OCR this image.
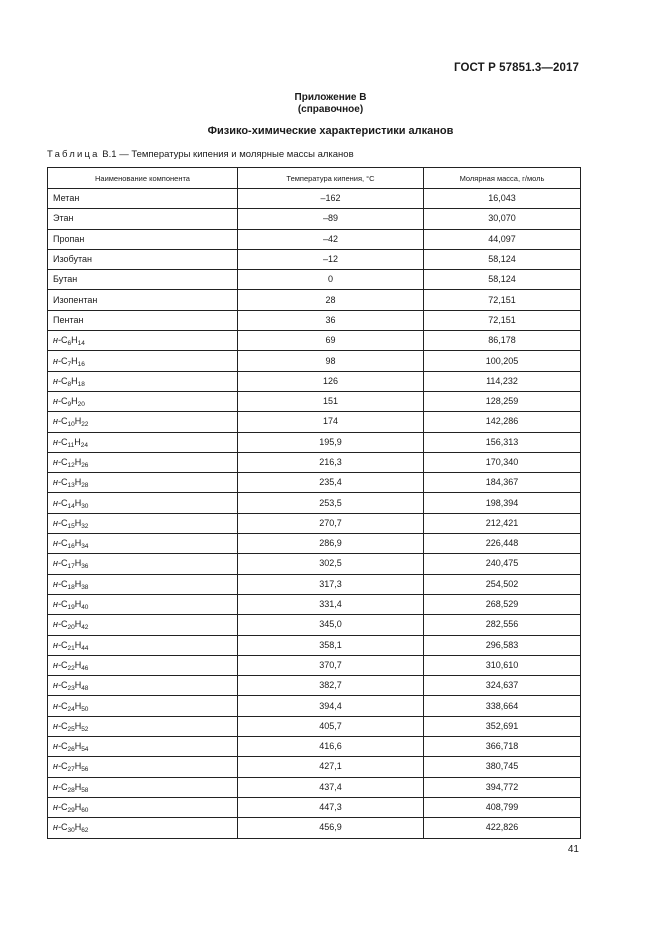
ГОСТ Р 57851.3—2017
Приложение В
(справочное)
Физико-химические характеристики алканов
Таблица В.1 — Температуры кипения и молярные массы алканов
Наименование компонента	Температура кипения, °С	Молярная масса, г/моль
Метан	–162	16,043
Этан	–89	30,070
Пропан	–42	44,097
Изобутан	–12	58,124
Бутан	0	58,124
Изопентан	28	72,151
Пентан	36	72,151
$н-C_6H_{14}$	69	86,178
$н-C_7H_{16}$	98	100,205
$н-C_8H_{18}$	126	114,232
$н-C_9H_{20}$	151	128,259
$н-C_{10}H_{22}$	174	142,286
$н-C_{11}H_{24}$	195,9	156,313
$н-C_{12}H_{26}$	216,3	170,340
$н-C_{13}H_{28}$	235,4	184,367
$н-C_{14}H_{30}$	253,5	198,394
$н-C_{15}H_{32}$	270,7	212,421
$н-C_{16}H_{34}$	286,9	226,448
$н-C_{17}H_{36}$	302,5	240,475
$н-C_{18}H_{38}$	317,3	254,502
$н-C_{19}H_{40}$	331,4	268,529
$н-C_{20}H_{42}$	345,0	282,556
$н-C_{21}H_{44}$	358,1	296,583
$н-C_{22}H_{46}$	370,7	310,610
$н-C_{23}H_{48}$	382,7	324,637
$н-C_{24}H_{50}$	394,4	338,664
$н-C_{25}H_{52}$	405,7	352,691
$н-C_{26}H_{54}$	416,6	366,718
$н-C_{27}H_{56}$	427,1	380,745
$н-C_{28}H_{58}$	437,4	394,772
$н-C_{29}H_{60}$	447,3	408,799
$н-C_{30}H_{62}$	456,9	422,826
41
